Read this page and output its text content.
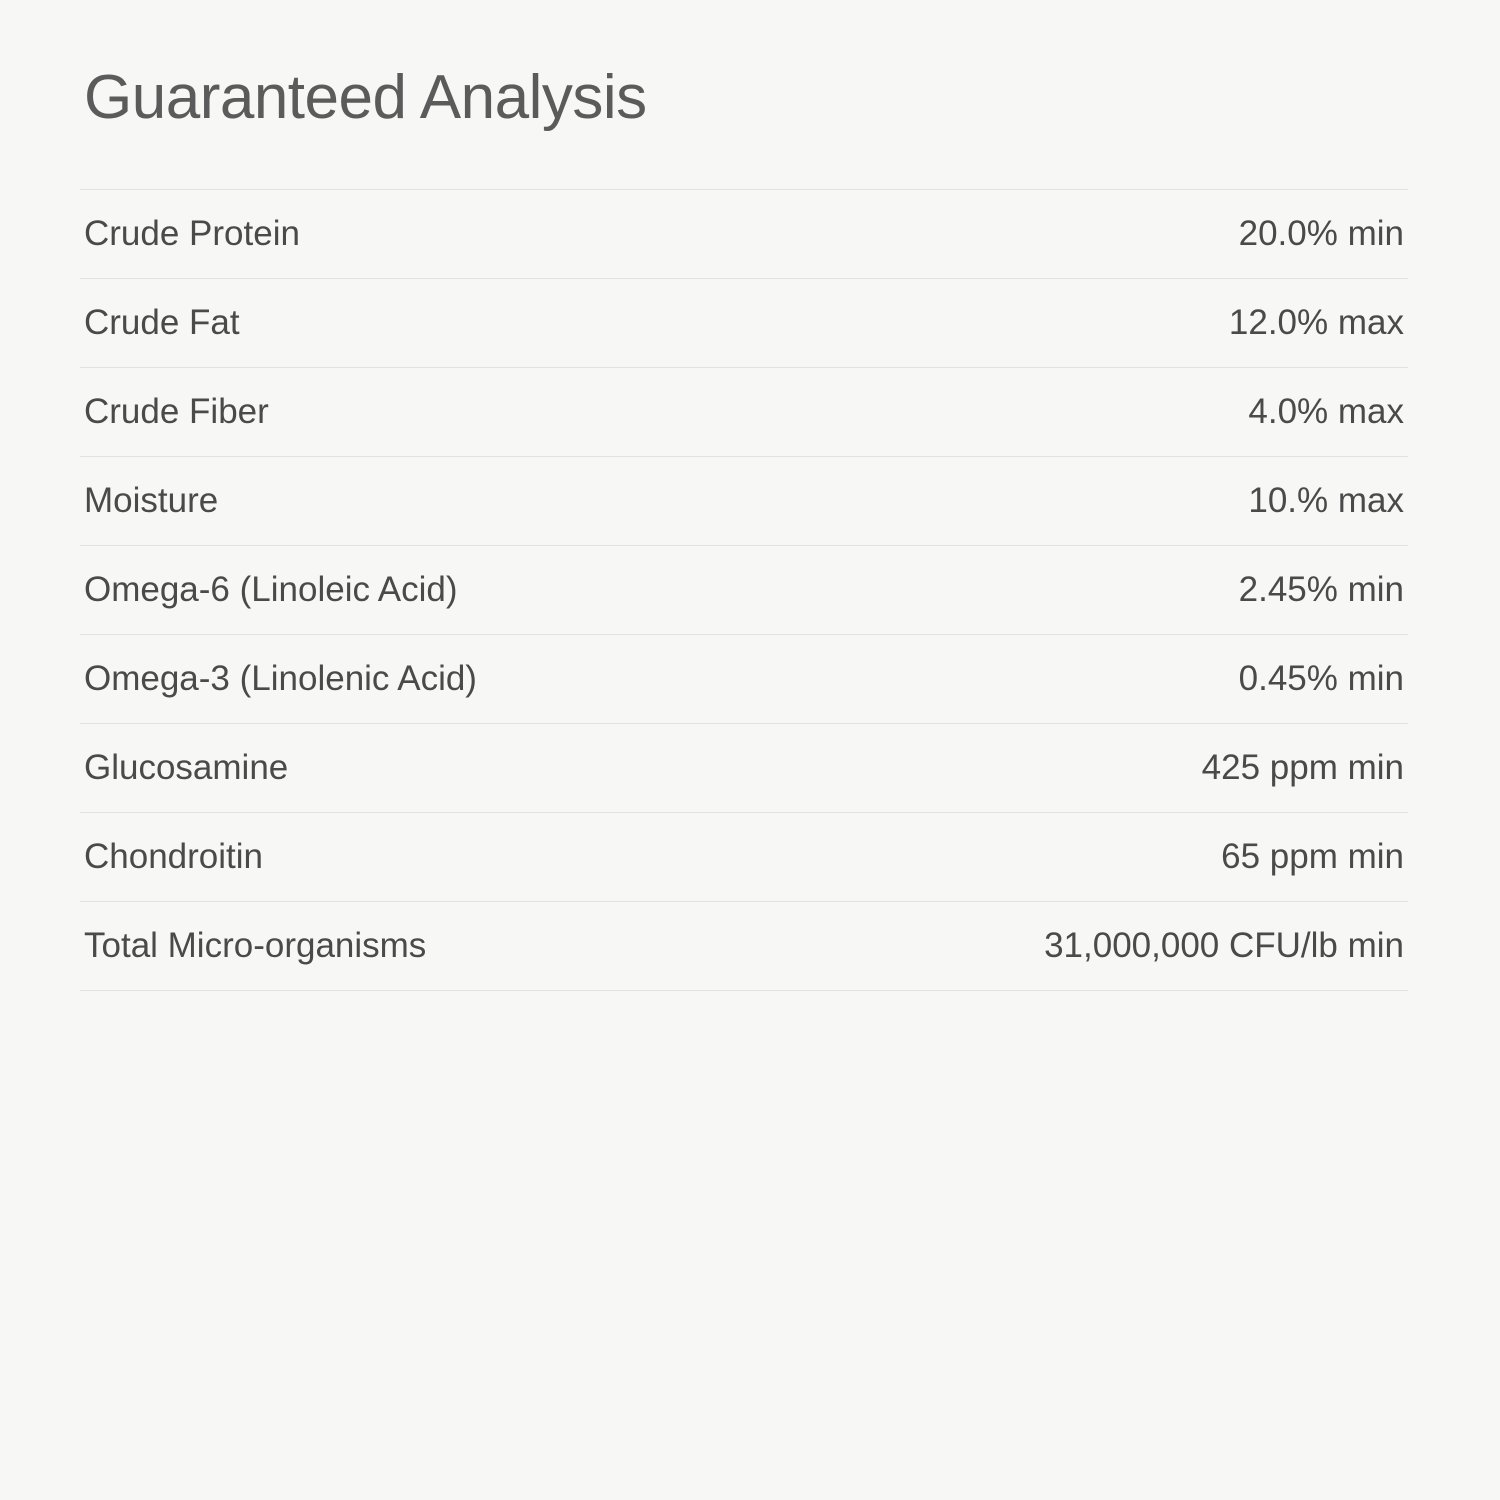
Guaranteed Analysis
Crude Protein	20.0% min
Crude Fat	12.0% max
Crude Fiber	4.0% max
Moisture	10.% max
Omega-6 (Linoleic Acid)	2.45% min
Omega-3 (Linolenic Acid)	0.45% min
Glucosamine	425 ppm min
Chondroitin	65 ppm min
Total Micro-organisms	31,000,000 CFU/lb min
